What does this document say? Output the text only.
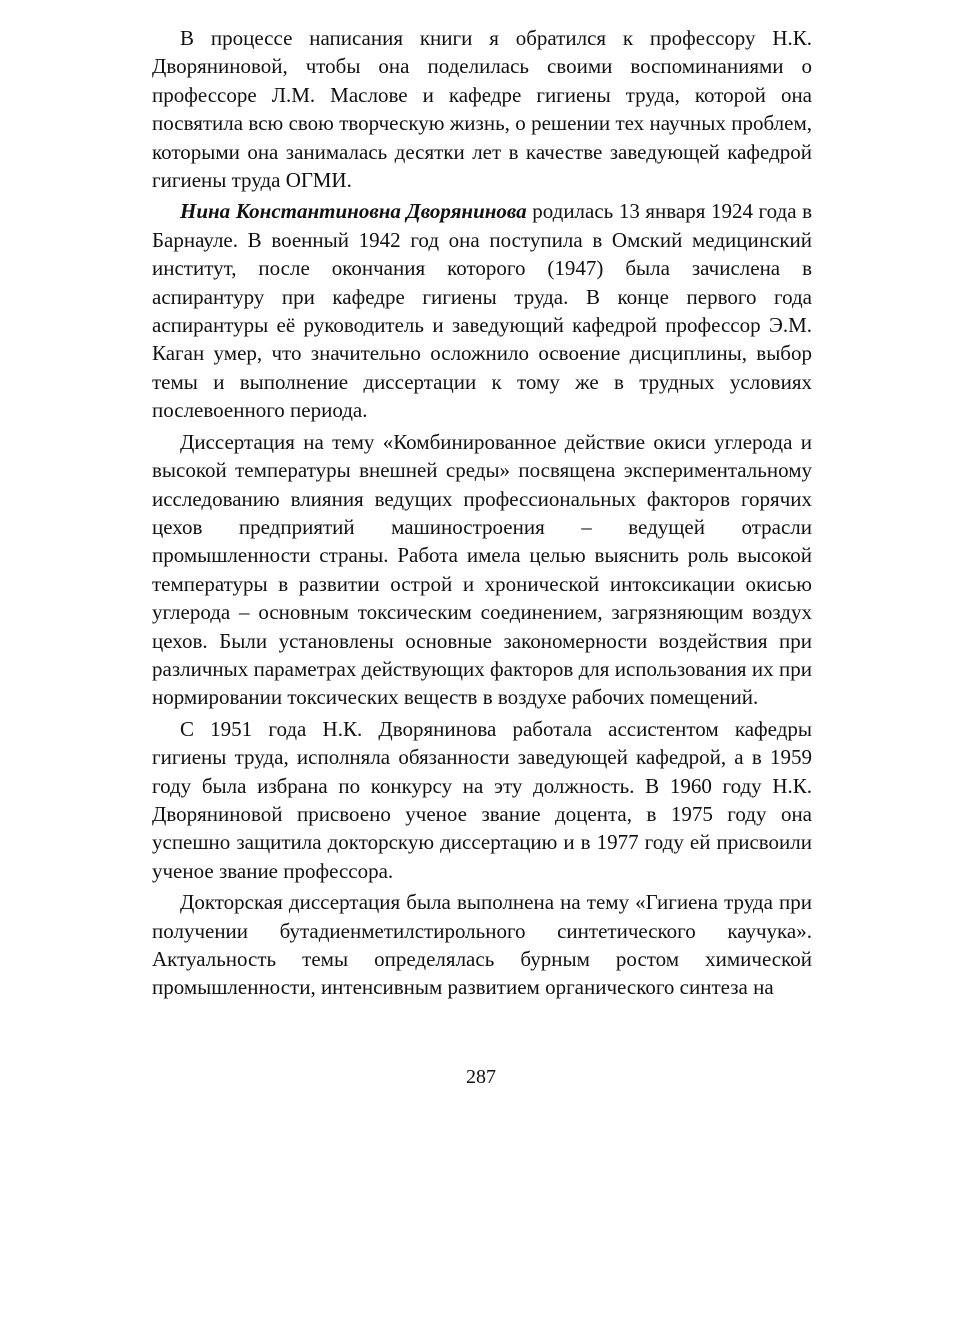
В процессе написания книги я обратился к профессору Н.К. Дворяниновой, чтобы она поделилась своими воспоминаниями о профессоре Л.М. Маслове и кафедре гигиены труда, которой она посвятила всю свою творческую жизнь, о решении тех научных проблем, которыми она занималась десятки лет в качестве заведующей кафедрой гигиены труда ОГМИ.

Нина Константиновна Дворянинова родилась 13 января 1924 года в Барнауле. В военный 1942 год она поступила в Омский медицинский институт, после окончания которого (1947) была зачислена в аспирантуру при кафедре гигиены труда. В конце первого года аспирантуры её руководитель и заведующий кафедрой профессор Э.М. Каган умер, что значительно осложнило освоение дисциплины, выбор темы и выполнение диссертации к тому же в трудных условиях послевоенного периода.

Диссертация на тему «Комбинированное действие окиси углерода и высокой температуры внешней среды» посвящена экспериментальному исследованию влияния ведущих профессиональных факторов горячих цехов предприятий машиностроения – ведущей отрасли промышленности страны. Работа имела целью выяснить роль высокой температуры в развитии острой и хронической интоксикации окисью углерода – основным токсическим соединением, загрязняющим воздух цехов. Были установлены основные закономерности воздействия при различных параметрах действующих факторов для использования их при нормировании токсических веществ в воздухе рабочих помещений.

С 1951 года Н.К. Дворянинова работала ассистентом кафедры гигиены труда, исполняла обязанности заведующей кафедрой, а в 1959 году была избрана по конкурсу на эту должность. В 1960 году Н.К. Дворяниновой присвоено ученое звание доцента, в 1975 году она успешно защитила докторскую диссертацию и в 1977 году ей присвоили ученое звание профессора.

Докторская диссертация была выполнена на тему «Гигиена труда при получении бутадиенметилстирольного синтетического каучука». Актуальность темы определялась бурным ростом химической промышленности, интенсивным развитием органического синтеза на

287
